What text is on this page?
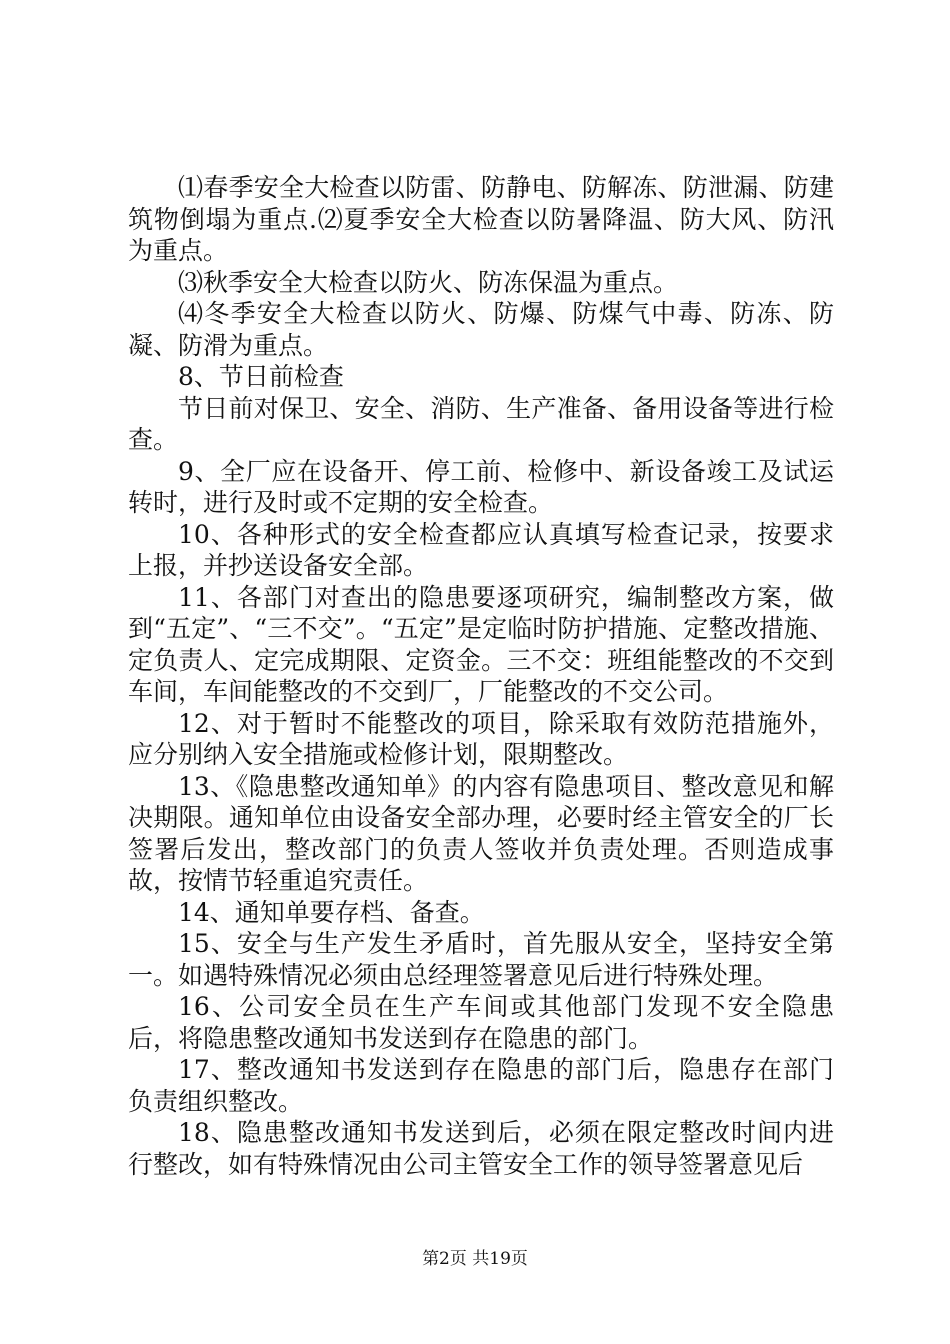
⑴春季安全大检查以防雷、防静电、防解冻、防泄漏、防建筑物倒塌为重点.⑵夏季安全大检查以防暑降温、防大风、防汛为重点。

⑶秋季安全大检查以防火、防冻保温为重点。

⑷冬季安全大检查以防火、防爆、防煤气中毒、防冻、防凝、防滑为重点。

8、节日前检查

节日前对保卫、安全、消防、生产准备、备用设备等进行检查。

9、全厂应在设备开、停工前、检修中、新设备竣工及试运转时，进行及时或不定期的安全检查。

10、各种形式的安全检查都应认真填写检查记录，按要求上报，并抄送设备安全部。

11、各部门对查出的隐患要逐项研究，编制整改方案，做到“五定”、“三不交”。“五定”是定临时防护措施、定整改措施、定负责人、定完成期限、定资金。三不交：班组能整改的不交到车间，车间能整改的不交到厂，厂能整改的不交公司。

12、对于暂时不能整改的项目，除采取有效防范措施外，应分别纳入安全措施或检修计划，限期整改。

13、《隐患整改通知单》的内容有隐患项目、整改意见和解决期限。通知单位由设备安全部办理，必要时经主管安全的厂长签署后发出，整改部门的负责人签收并负责处理。否则造成事故，按情节轻重追究责任。

14、通知单要存档、备查。

15、安全与生产发生矛盾时，首先服从安全，坚持安全第一。如遇特殊情况必须由总经理签署意见后进行特殊处理。

16、公司安全员在生产车间或其他部门发现不安全隐患后，将隐患整改通知书发送到存在隐患的部门。

17、整改通知书发送到存在隐患的部门后，隐患存在部门负责组织整改。

18、隐患整改通知书发送到后，必须在限定整改时间内进行整改，如有特殊情况由公司主管安全工作的领导签署意见后

第2页 共19页
